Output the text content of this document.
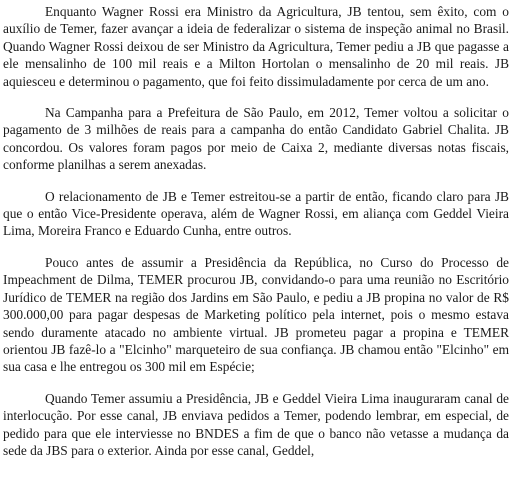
Enquanto Wagner Rossi era Ministro da Agricultura, JB tentou, sem êxito, com o auxílio de Temer, fazer avançar a ideia de federalizar o sistema de inspeção animal no Brasil. Quando Wagner Rossi deixou de ser Ministro da Agricultura, Temer pediu a JB que pagasse a ele mensalinho de 100 mil reais e a Milton Hortolan o mensalinho de 20 mil reais. JB aquiesceu e determinou o pagamento, que foi feito dissimuladamente por cerca de um ano.

Na Campanha para a Prefeitura de São Paulo, em 2012, Temer voltou a solicitar o pagamento de 3 milhões de reais para a campanha do então Candidato Gabriel Chalita. JB concordou. Os valores foram pagos por meio de Caixa 2, mediante diversas notas fiscais, conforme planilhas a serem anexadas.

O relacionamento de JB e Temer estreitou-se a partir de então, ficando claro para JB que o então Vice-Presidente operava, além de Wagner Rossi, em aliança com Geddel Vieira Lima, Moreira Franco e Eduardo Cunha, entre outros.

Pouco antes de assumir a Presidência da República, no Curso do Processo de Impeachment de Dilma, TEMER procurou JB, convidando-o para uma reunião no Escritório Jurídico de TEMER na região dos Jardins em São Paulo, e pediu a JB propina no valor de R$ 300.000,00 para pagar despesas de Marketing político pela internet, pois o mesmo estava sendo duramente atacado no ambiente virtual. JB prometeu pagar a propina e TEMER orientou JB fazê-lo a "Elcinho" marqueteiro de sua confiança. JB chamou então "Elcinho" em sua casa e lhe entregou os 300 mil em Espécie;

Quando Temer assumiu a Presidência, JB e Geddel Vieira Lima inauguraram canal de interlocução. Por esse canal, JB enviava pedidos a Temer, podendo lembrar, em especial, de pedido para que ele interviesse no BNDES a fim de que o banco não vetasse a mudança da sede da JBS para o exterior. Ainda por esse canal, Geddel,
